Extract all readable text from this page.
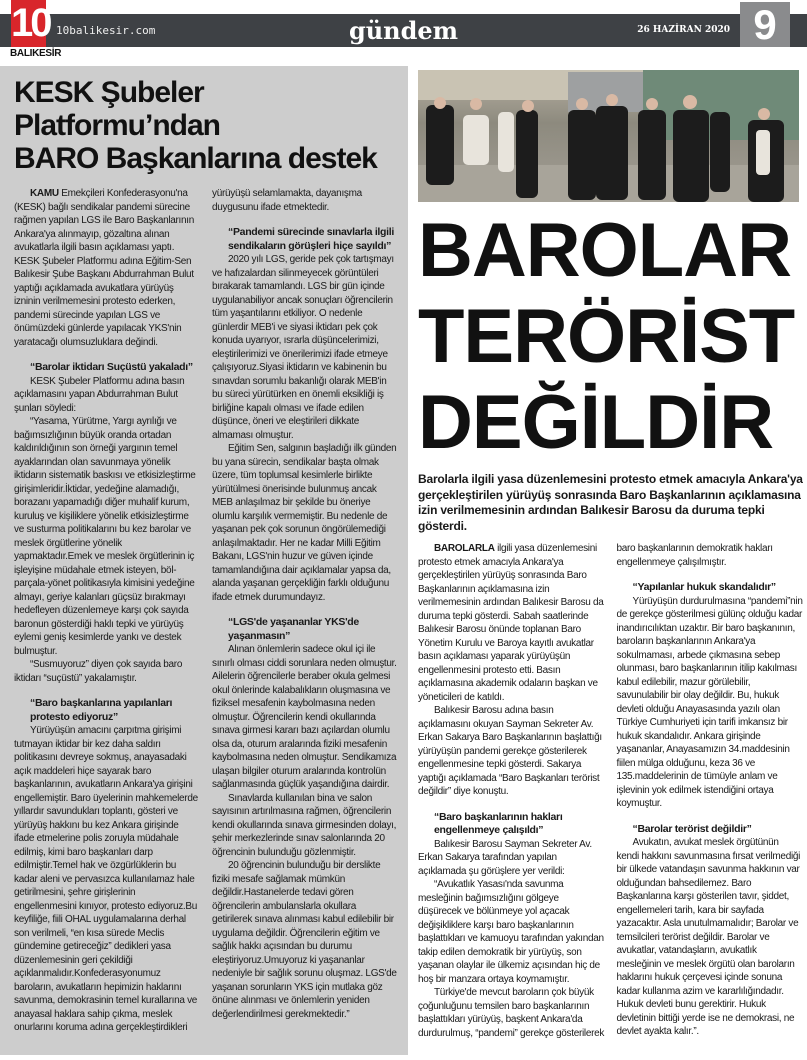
10
BALIKESİR
10balikesir.com	gündem	26 HAZİRAN 2020 9
KESK Şubeler Platformu’ndan
BARO Başkanlarına destek

KAMU Emekçileri Konfederasyonu'na (KESK) bağlı sendikalar pandemi sürecine rağmen yapılan LGS ile Baro Başkanlarının Ankara'ya alınmayıp, gözaltına alınan avukatlarla ilgili basın açıklaması yaptı. KESK Şubeler Platformu adına Eğitim-Sen Balıkesir Şube Başkanı Abdurrahman Bulut yaptığı açıklamada avukatlara yürüyüş izninin verilmemesini protesto ederken, pandemi sürecinde yapılan LGS ve önümüzdeki günlerde yapılacak YKS'nin yaratacağı olumsuzluklara değindi.

“Barolar iktidarı Suçüstü yakaladı”

KESK Şubeler Platformu adına basın açıklamasını yapan Abdurrahman Bulut şunları söyledi:

“Yasama, Yürütme, Yargı ayrılığı ve bağımsızlığının büyük oranda ortadan kaldırıldığının son örneği yargının temel ayaklarından olan savunmaya yönelik iktidarın sistematik baskısı ve etkisizleştirme girişimleridir.İktidar, yedeğine alamadığı, borazanı yapamadığı diğer muhalif kurum, kuruluş ve kişiliklere yönelik etkisizleştirme ve susturma politikalarını bu kez barolar ve meslek örgütlerine yönelik yapmaktadır.Emek ve meslek örgütlerinin iç işleyişine müdahale etmek isteyen, böl-parçala-yönet politikasıyla kimisini yedeğine almayı, geriye kalanları güçsüz bırakmayı hedefleyen düzenlemeye karşı çok sayıda baronun gösterdiği haklı tepki ve yürüyüş eylemi geniş kesimlerde yankı ve destek bulmuştur.

“Susmuyoruz” diyen çok sayıda baro iktidarı “suçüstü” yakalamıştır.

“Baro başkanlarına yapılanları protesto ediyoruz”

Yürüyüşün amacını çarpıtma girişimi tutmayan iktidar bir kez daha saldırı politikasını devreye sokmuş, anayasadaki açık maddeleri hiçe sayarak baro başkanlarının, avukatların Ankara'ya girişini engellemiştir. Baro üyelerinin mahkemelerde yıllardır savundukları toplantı, gösteri ve yürüyüş hakkını bu kez Ankara girişinde ifade etmelerine polis zoruyla müdahale edilmiş, kimi baro başkanları darp edilmiştir.Temel hak ve özgürlüklerin bu kadar aleni ve pervasızca kullanılamaz hale getirilmesini, şehre girişlerinin engellenmesini kınıyor, protesto ediyoruz.Bu keyfiliğe, fiili OHAL uygulamalarına derhal son verilmeli, “en kısa sürede Meclis gündemine getireceğiz” dedikleri yasa düzenlemesinin geri çekildiği açıklanmalıdır.Konfederasyonumuz baroların, avukatların hepimizin haklarını savunma, demokrasinin temel kurallarına ve anayasal haklara sahip çıkma, meslek onurlarını koruma adına gerçekleştirdikleri yürüyüşü selamlamakta, dayanışma duygusunu ifade etmektedir.

“Pandemi sürecinde sınavlarla ilgili sendikaların görüşleri hiçe sayıldı”

2020 yılı LGS, geride pek çok tartışmayı ve hafızalardan silinmeyecek görüntüleri bırakarak tamamlandı. LGS bir gün içinde uygulanabiliyor ancak sonuçları öğrencilerin tüm yaşantılarını etkiliyor. O nedenle günlerdir MEB'i ve siyasi iktidarı pek çok konuda uyarıyor, ısrarla düşüncelerimizi, eleştirilerimizi ve önerilerimizi ifade etmeye çalışıyoruz.Siyasi iktidarın ve kabinenin bu sınavdan sorumlu bakanlığı olarak MEB'in bu süreci yürütürken en önemli eksikliği iş birliğine kapalı olması ve ifade edilen düşünce, öneri ve eleştirileri dikkate almaması olmuştur.

Eğitim Sen, salgının başladığı ilk günden bu yana sürecin, sendikalar başta olmak üzere, tüm toplumsal kesimlerle birlikte yürütülmesi önerisinde bulunmuş ancak MEB anlaşılmaz bir şekilde bu öneriye olumlu karşılık vermemiştir. Bu nedenle de yaşanan pek çok sorunun öngörülemediği anlaşılmaktadır. Her ne kadar Milli Eğitim Bakanı, LGS'nin huzur ve güven içinde tamamlandığına dair açıklamalar yapsa da, alanda yaşanan gerçekliğin farklı olduğunu ifade etmek durumundayız.

“LGS'de yaşananlar YKS'de yaşanmasın”

Alınan önlemlerin sadece okul içi ile sınırlı olması ciddi sorunlara neden olmuştur. Ailelerin öğrencilerle beraber okula gelmesi okul önlerinde kalabalıkların oluşmasına ve fiziksel mesafenin kaybolmasına neden olmuştur. Öğrencilerin kendi okullarında sınava girmesi kararı bazı açılardan olumlu olsa da, oturum aralarında fiziki mesafenin kaybolmasına neden olmuştur. Sendikamıza ulaşan bilgiler oturum aralarında kontrolün sağlanmasında güçlük yaşandığına dairdir.

Sınavlarda kullanılan bina ve salon sayısının artırılmasına rağmen, öğrencilerin kendi okullarında sınava girmesinden dolayı, şehir merkezlerinde sınav salonlarında 20 öğrencinin bulunduğu gözlenmiştir.

20 öğrencinin bulunduğu bir derslikte fiziki mesafe sağlamak mümkün değildir.Hastanelerde tedavi gören öğrencilerin ambulanslarla okullara getirilerek sınava alınması kabul edilebilir bir uygulama değildir. Öğrencilerin eğitim ve sağlık hakkı açısından bu durumu eleştiriyoruz.Umuyoruz ki yaşananlar nedeniyle bir sağlık sorunu oluşmaz. LGS'de yaşanan sorunların YKS için mutlaka göz önüne alınması ve önlemlerin yeniden değerlendirilmesi gerekmektedir.”

BAROLAR
TERÖRİST
DEĞİLDİR
Barolarla ilgili yasa düzenlemesini protesto etmek amacıyla Ankara'ya gerçekleştirilen yürüyüş sonrasında Baro Başkanlarının açıklamasına izin verilmemesinin ardından Balıkesir Barosu da duruma tepki gösterdi.

BAROLARLA ilgili yasa düzenlemesini protesto etmek amacıyla Ankara'ya gerçekleştirilen yürüyüş sonrasında Baro Başkanlarının açıklamasına izin verilmemesinin ardından Balıkesir Barosu da duruma tepki gösterdi. Sabah saatlerinde Balıkesir Barosu önünde toplanan Baro Yönetim Kurulu ve Baroya kayıtlı avukatlar basın açıklaması yaparak yürüyüşün engellenmesini protesto etti. Basın açıklamasına akademik odaların başkan ve yöneticileri de katıldı.

Balıkesir Barosu adına basın açıklamasını okuyan Sayman Sekreter Av. Erkan Sakarya Baro Başkanlarının başlattığı yürüyüşün pandemi gerekçe gösterilerek engellenmesine tepki gösterdi. Sakarya yaptığı açıklamada “Baro Başkanları terörist değildir” diye konuştu.

“Baro başkanlarının hakları engellenmeye çalışıldı”

Balıkesir Barosu Sayman Sekreter Av. Erkan Sakarya tarafından yapılan açıklamada şu görüşlere yer verildi:

“Avukatlık Yasası'nda savunma mesleğinin bağımsızlığını gölgeye düşürecek ve bölünmeye yol açacak değişikliklere karşı baro başkanlarının başlattıkları ve kamuoyu tarafından yakından takip edilen demokratik bir yürüyüş, son yaşanan olaylar ile ülkemiz açısından hiç de hoş bir manzara ortaya koymamıştır.

Türkiye'de mevcut baroların çok büyük çoğunluğunu temsilen baro başkanlarının başlattıkları yürüyüş, başkent Ankara'da durdurulmuş, “pandemi” gerekçe gösterilerek baro başkanlarının demokratik hakları engellenmeye çalışılmıştır.

“Yapılanlar hukuk skandalıdır”

Yürüyüşün durdurulmasına “pandemi”nin de gerekçe gösterilmesi gülünç olduğu kadar inandırıcılıktan uzaktır. Bir baro başkanının, baroların başkanlarının Ankara'ya sokulmaması, arbede çıkmasına sebep olunması, baro başkanlarının itilip kakılması kabul edilebilir, mazur görülebilir, savunulabilir bir olay değildir. Bu, hukuk devleti olduğu Anayasasında yazılı olan Türkiye Cumhuriyeti için tarifi imkansız bir hukuk skandalıdır. Ankara girişinde yaşananlar, Anayasamızın 34.maddesinin fiilen mülga olduğunu, keza 36 ve 135.maddelerinin de tümüyle anlam ve işlevinin yok edilmek istendiğini ortaya koymuştur.

“Barolar terörist değildir”

Avukatın, avukat meslek örgütünün kendi hakkını savunmasına fırsat verilmediği bir ülkede vatandaşın savunma hakkının var olduğundan bahsedilemez. Baro Başkanlarına karşı gösterilen tavır, şiddet, engellemeleri tarih, kara bir sayfada yazacaktır. Asla unutulmamalıdır; Barolar ve temsilcileri terörist değildir. Barolar ve avukatlar, vatandaşların, avukatlık mesleğinin ve meslek örgütü olan baroların haklarını hukuk çerçevesi içinde sonuna kadar kullanma azim ve kararlılığındadır. Hukuk devleti bunu gerektirir. Hukuk devletinin bittiği yerde ise ne demokrasi, ne devlet ayakta kalır.”.
